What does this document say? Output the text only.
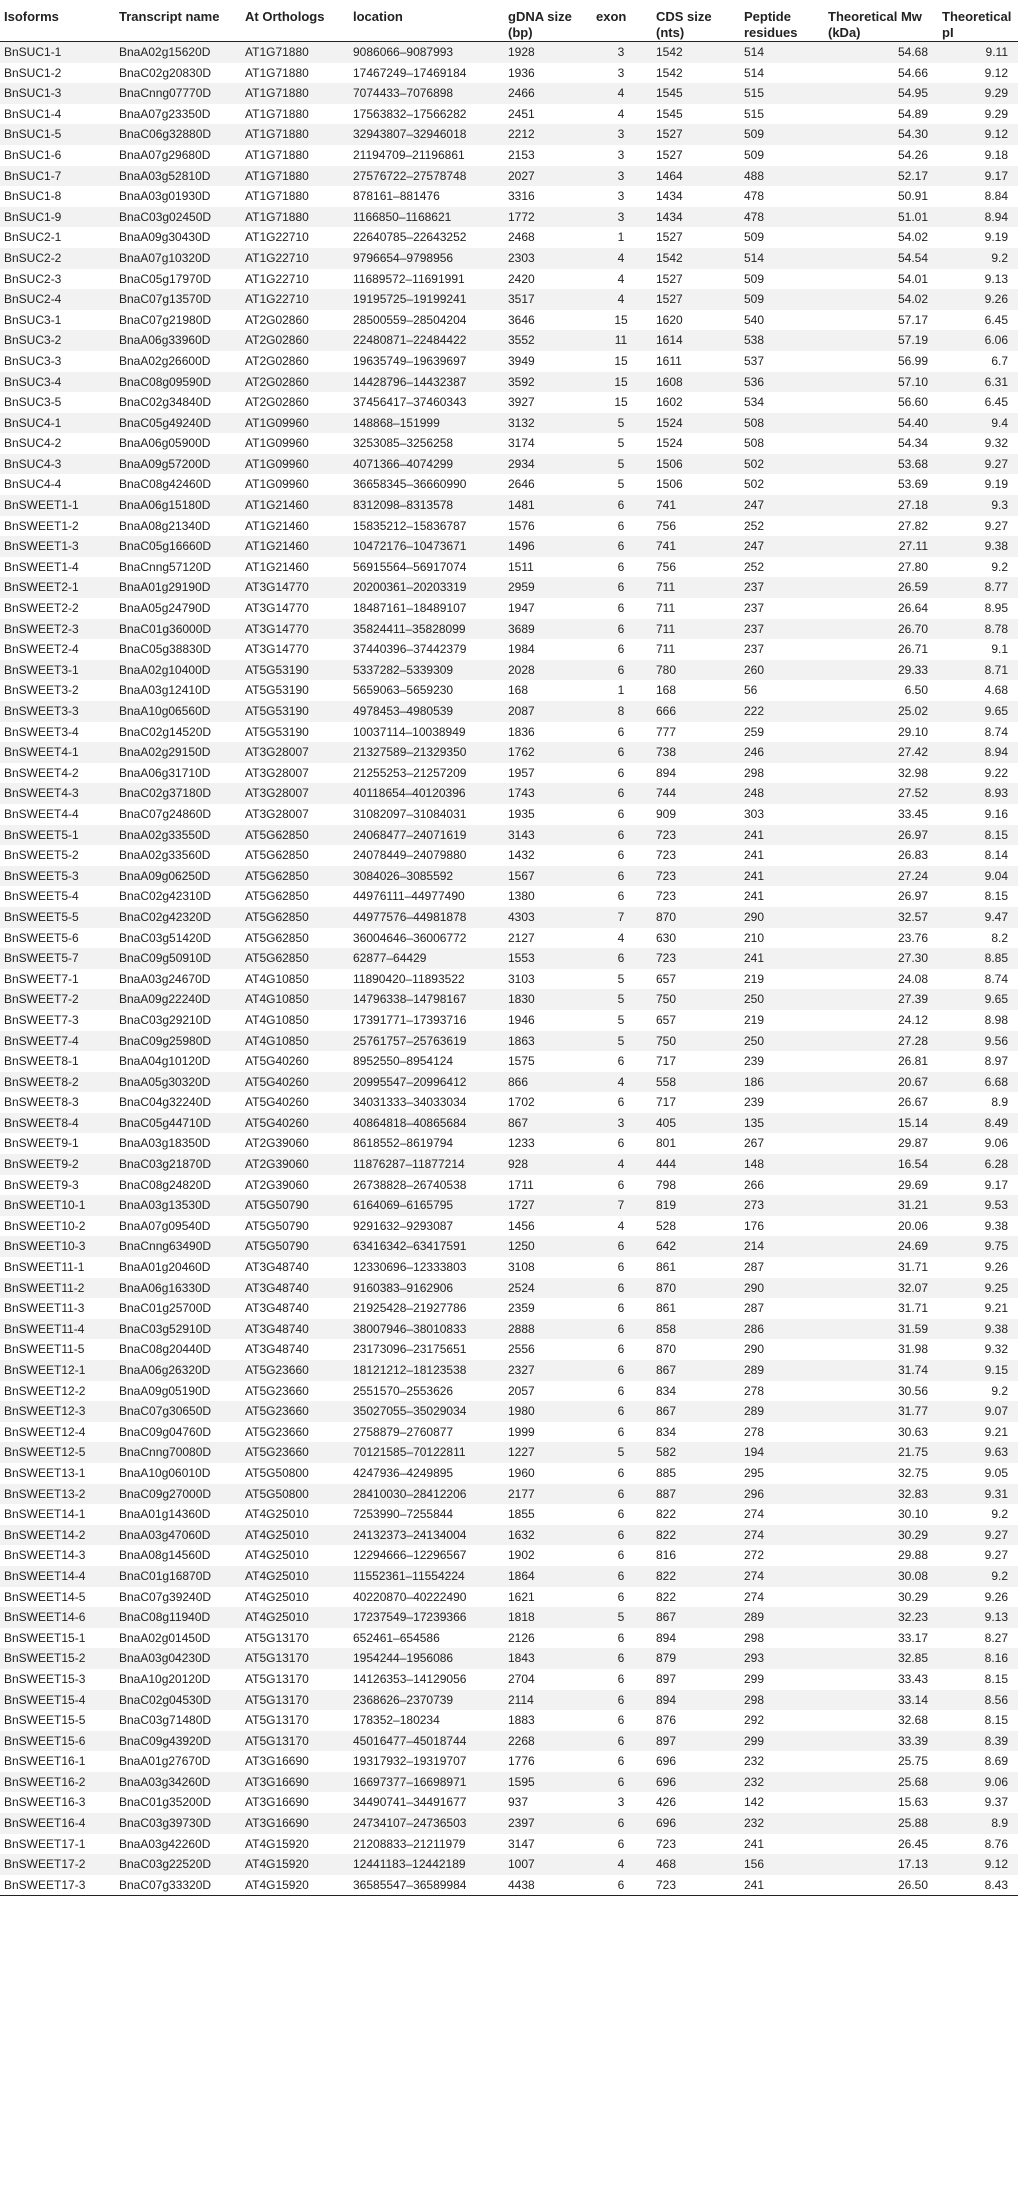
Isoforms	Transcript name	At Orthologs	location	gDNA size (bp)	exon	CDS size (nts)	Peptide residues	Theoretical Mw (kDa)	Theoretical pI
BnSUC1-1	BnaA02g15620D	AT1G71880	9086066–9087993	1928	3	1542	514	54.68	9.11
BnSUC1-2	BnaC02g20830D	AT1G71880	17467249–17469184	1936	3	1542	514	54.66	9.12
BnSUC1-3	BnaCnng07770D	AT1G71880	7074433–7076898	2466	4	1545	515	54.95	9.29
BnSUC1-4	BnaA07g23350D	AT1G71880	17563832–17566282	2451	4	1545	515	54.89	9.29
BnSUC1-5	BnaC06g32880D	AT1G71880	32943807–32946018	2212	3	1527	509	54.30	9.12
BnSUC1-6	BnaA07g29680D	AT1G71880	21194709–21196861	2153	3	1527	509	54.26	9.18
BnSUC1-7	BnaA03g52810D	AT1G71880	27576722–27578748	2027	3	1464	488	52.17	9.17
BnSUC1-8	BnaA03g01930D	AT1G71880	878161–881476	3316	3	1434	478	50.91	8.84
BnSUC1-9	BnaC03g02450D	AT1G71880	1166850–1168621	1772	3	1434	478	51.01	8.94
BnSUC2-1	BnaA09g30430D	AT1G22710	22640785–22643252	2468	1	1527	509	54.02	9.19
BnSUC2-2	BnaA07g10320D	AT1G22710	9796654–9798956	2303	4	1542	514	54.54	9.2
BnSUC2-3	BnaC05g17970D	AT1G22710	11689572–11691991	2420	4	1527	509	54.01	9.13
BnSUC2-4	BnaC07g13570D	AT1G22710	19195725–19199241	3517	4	1527	509	54.02	9.26
BnSUC3-1	BnaC07g21980D	AT2G02860	28500559–28504204	3646	15	1620	540	57.17	6.45
BnSUC3-2	BnaA06g33960D	AT2G02860	22480871–22484422	3552	11	1614	538	57.19	6.06
BnSUC3-3	BnaA02g26600D	AT2G02860	19635749–19639697	3949	15	1611	537	56.99	6.7
BnSUC3-4	BnaC08g09590D	AT2G02860	14428796–14432387	3592	15	1608	536	57.10	6.31
BnSUC3-5	BnaC02g34840D	AT2G02860	37456417–37460343	3927	15	1602	534	56.60	6.45
BnSUC4-1	BnaC05g49240D	AT1G09960	148868–151999	3132	5	1524	508	54.40	9.4
BnSUC4-2	BnaA06g05900D	AT1G09960	3253085–3256258	3174	5	1524	508	54.34	9.32
BnSUC4-3	BnaA09g57200D	AT1G09960	4071366–4074299	2934	5	1506	502	53.68	9.27
BnSUC4-4	BnaC08g42460D	AT1G09960	36658345–36660990	2646	5	1506	502	53.69	9.19
BnSWEET1-1	BnaA06g15180D	AT1G21460	8312098–8313578	1481	6	741	247	27.18	9.3
BnSWEET1-2	BnaA08g21340D	AT1G21460	15835212–15836787	1576	6	756	252	27.82	9.27
BnSWEET1-3	BnaC05g16660D	AT1G21460	10472176–10473671	1496	6	741	247	27.11	9.38
BnSWEET1-4	BnaCnng57120D	AT1G21460	56915564–56917074	1511	6	756	252	27.80	9.2
BnSWEET2-1	BnaA01g29190D	AT3G14770	20200361–20203319	2959	6	711	237	26.59	8.77
BnSWEET2-2	BnaA05g24790D	AT3G14770	18487161–18489107	1947	6	711	237	26.64	8.95
BnSWEET2-3	BnaC01g36000D	AT3G14770	35824411–35828099	3689	6	711	237	26.70	8.78
BnSWEET2-4	BnaC05g38830D	AT3G14770	37440396–37442379	1984	6	711	237	26.71	9.1
BnSWEET3-1	BnaA02g10400D	AT5G53190	5337282–5339309	2028	6	780	260	29.33	8.71
BnSWEET3-2	BnaA03g12410D	AT5G53190	5659063–5659230	168	1	168	56	6.50	4.68
BnSWEET3-3	BnaA10g06560D	AT5G53190	4978453–4980539	2087	8	666	222	25.02	9.65
BnSWEET3-4	BnaC02g14520D	AT5G53190	10037114–10038949	1836	6	777	259	29.10	8.74
BnSWEET4-1	BnaA02g29150D	AT3G28007	21327589–21329350	1762	6	738	246	27.42	8.94
BnSWEET4-2	BnaA06g31710D	AT3G28007	21255253–21257209	1957	6	894	298	32.98	9.22
BnSWEET4-3	BnaC02g37180D	AT3G28007	40118654–40120396	1743	6	744	248	27.52	8.93
BnSWEET4-4	BnaC07g24860D	AT3G28007	31082097–31084031	1935	6	909	303	33.45	9.16
BnSWEET5-1	BnaA02g33550D	AT5G62850	24068477–24071619	3143	6	723	241	26.97	8.15
BnSWEET5-2	BnaA02g33560D	AT5G62850	24078449–24079880	1432	6	723	241	26.83	8.14
BnSWEET5-3	BnaA09g06250D	AT5G62850	3084026–3085592	1567	6	723	241	27.24	9.04
BnSWEET5-4	BnaC02g42310D	AT5G62850	44976111–44977490	1380	6	723	241	26.97	8.15
BnSWEET5-5	BnaC02g42320D	AT5G62850	44977576–44981878	4303	7	870	290	32.57	9.47
BnSWEET5-6	BnaC03g51420D	AT5G62850	36004646–36006772	2127	4	630	210	23.76	8.2
BnSWEET5-7	BnaC09g50910D	AT5G62850	62877–64429	1553	6	723	241	27.30	8.85
BnSWEET7-1	BnaA03g24670D	AT4G10850	11890420–11893522	3103	5	657	219	24.08	8.74
BnSWEET7-2	BnaA09g22240D	AT4G10850	14796338–14798167	1830	5	750	250	27.39	9.65
BnSWEET7-3	BnaC03g29210D	AT4G10850	17391771–17393716	1946	5	657	219	24.12	8.98
BnSWEET7-4	BnaC09g25980D	AT4G10850	25761757–25763619	1863	5	750	250	27.28	9.56
BnSWEET8-1	BnaA04g10120D	AT5G40260	8952550–8954124	1575	6	717	239	26.81	8.97
BnSWEET8-2	BnaA05g30320D	AT5G40260	20995547–20996412	866	4	558	186	20.67	6.68
BnSWEET8-3	BnaC04g32240D	AT5G40260	34031333–34033034	1702	6	717	239	26.67	8.9
BnSWEET8-4	BnaC05g44710D	AT5G40260	40864818–40865684	867	3	405	135	15.14	8.49
BnSWEET9-1	BnaA03g18350D	AT2G39060	8618552–8619794	1233	6	801	267	29.87	9.06
BnSWEET9-2	BnaC03g21870D	AT2G39060	11876287–11877214	928	4	444	148	16.54	6.28
BnSWEET9-3	BnaC08g24820D	AT2G39060	26738828–26740538	1711	6	798	266	29.69	9.17
BnSWEET10-1	BnaA03g13530D	AT5G50790	6164069–6165795	1727	7	819	273	31.21	9.53
BnSWEET10-2	BnaA07g09540D	AT5G50790	9291632–9293087	1456	4	528	176	20.06	9.38
BnSWEET10-3	BnaCnng63490D	AT5G50790	63416342–63417591	1250	6	642	214	24.69	9.75
BnSWEET11-1	BnaA01g20460D	AT3G48740	12330696–12333803	3108	6	861	287	31.71	9.26
BnSWEET11-2	BnaA06g16330D	AT3G48740	9160383–9162906	2524	6	870	290	32.07	9.25
BnSWEET11-3	BnaC01g25700D	AT3G48740	21925428–21927786	2359	6	861	287	31.71	9.21
BnSWEET11-4	BnaC03g52910D	AT3G48740	38007946–38010833	2888	6	858	286	31.59	9.38
BnSWEET11-5	BnaC08g20440D	AT3G48740	23173096–23175651	2556	6	870	290	31.98	9.32
BnSWEET12-1	BnaA06g26320D	AT5G23660	18121212–18123538	2327	6	867	289	31.74	9.15
BnSWEET12-2	BnaA09g05190D	AT5G23660	2551570–2553626	2057	6	834	278	30.56	9.2
BnSWEET12-3	BnaC07g30650D	AT5G23660	35027055–35029034	1980	6	867	289	31.77	9.07
BnSWEET12-4	BnaC09g04760D	AT5G23660	2758879–2760877	1999	6	834	278	30.63	9.21
BnSWEET12-5	BnaCnng70080D	AT5G23660	70121585–70122811	1227	5	582	194	21.75	9.63
BnSWEET13-1	BnaA10g06010D	AT5G50800	4247936–4249895	1960	6	885	295	32.75	9.05
BnSWEET13-2	BnaC09g27000D	AT5G50800	28410030–28412206	2177	6	887	296	32.83	9.31
BnSWEET14-1	BnaA01g14360D	AT4G25010	7253990–7255844	1855	6	822	274	30.10	9.2
BnSWEET14-2	BnaA03g47060D	AT4G25010	24132373–24134004	1632	6	822	274	30.29	9.27
BnSWEET14-3	BnaA08g14560D	AT4G25010	12294666–12296567	1902	6	816	272	29.88	9.27
BnSWEET14-4	BnaC01g16870D	AT4G25010	11552361–11554224	1864	6	822	274	30.08	9.2
BnSWEET14-5	BnaC07g39240D	AT4G25010	40220870–40222490	1621	6	822	274	30.29	9.26
BnSWEET14-6	BnaC08g11940D	AT4G25010	17237549–17239366	1818	5	867	289	32.23	9.13
BnSWEET15-1	BnaA02g01450D	AT5G13170	652461–654586	2126	6	894	298	33.17	8.27
BnSWEET15-2	BnaA03g04230D	AT5G13170	1954244–1956086	1843	6	879	293	32.85	8.16
BnSWEET15-3	BnaA10g20120D	AT5G13170	14126353–14129056	2704	6	897	299	33.43	8.15
BnSWEET15-4	BnaC02g04530D	AT5G13170	2368626–2370739	2114	6	894	298	33.14	8.56
BnSWEET15-5	BnaC03g71480D	AT5G13170	178352–180234	1883	6	876	292	32.68	8.15
BnSWEET15-6	BnaC09g43920D	AT5G13170	45016477–45018744	2268	6	897	299	33.39	8.39
BnSWEET16-1	BnaA01g27670D	AT3G16690	19317932–19319707	1776	6	696	232	25.75	8.69
BnSWEET16-2	BnaA03g34260D	AT3G16690	16697377–16698971	1595	6	696	232	25.68	9.06
BnSWEET16-3	BnaC01g35200D	AT3G16690	34490741–34491677	937	3	426	142	15.63	9.37
BnSWEET16-4	BnaC03g39730D	AT3G16690	24734107–24736503	2397	6	696	232	25.88	8.9
BnSWEET17-1	BnaA03g42260D	AT4G15920	21208833–21211979	3147	6	723	241	26.45	8.76
BnSWEET17-2	BnaC03g22520D	AT4G15920	12441183–12442189	1007	4	468	156	17.13	9.12
BnSWEET17-3	BnaC07g33320D	AT4G15920	36585547–36589984	4438	6	723	241	26.50	8.43
